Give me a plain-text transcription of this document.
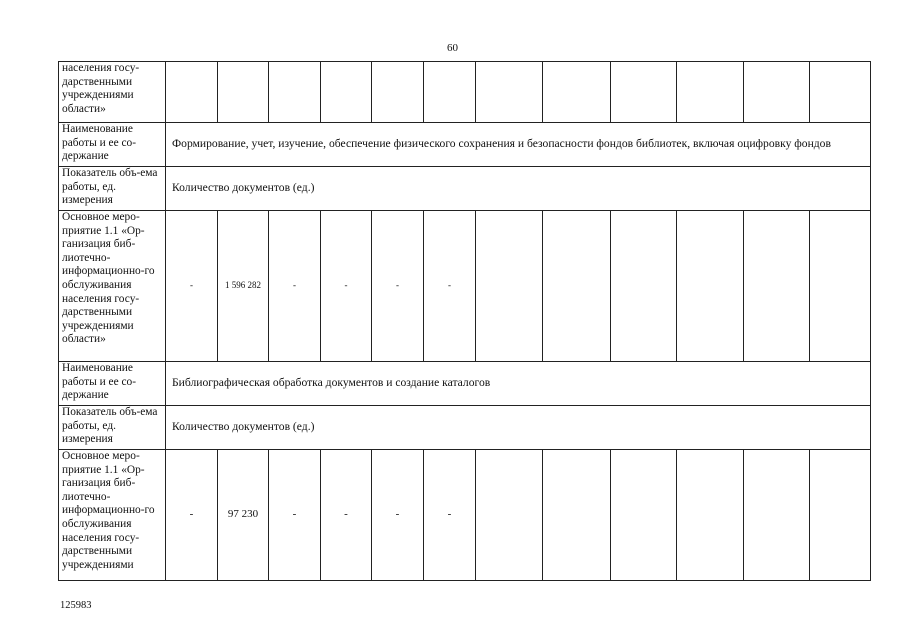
60
населения госу-дарственными учреждениями области»												
Наименование работы и ее со-держание	Формирование, учет, изучение, обеспечение физического сохранения и безопасности фондов библиотек, включая оцифровку фондов											
Показатель объ-ема работы, ед. измерения	Количество документов (ед.)											
Основное меро-приятие 1.1 «Ор-ганизация биб-лиотечно-информационно-го обслуживания населения госу-дарственными учреждениями области»	-	1 596 282	-	-	-	-						
Наименование работы и ее со-держание	Библиографическая обработка документов и создание каталогов											
Показатель объ-ема работы, ед. измерения	Количество документов (ед.)											
Основное меро-приятие 1.1 «Ор-ганизация биб-лиотечно-информационно-го обслуживания населения госу-дарственными учреждениями	-	97 230	-	-	-	-						
125983
